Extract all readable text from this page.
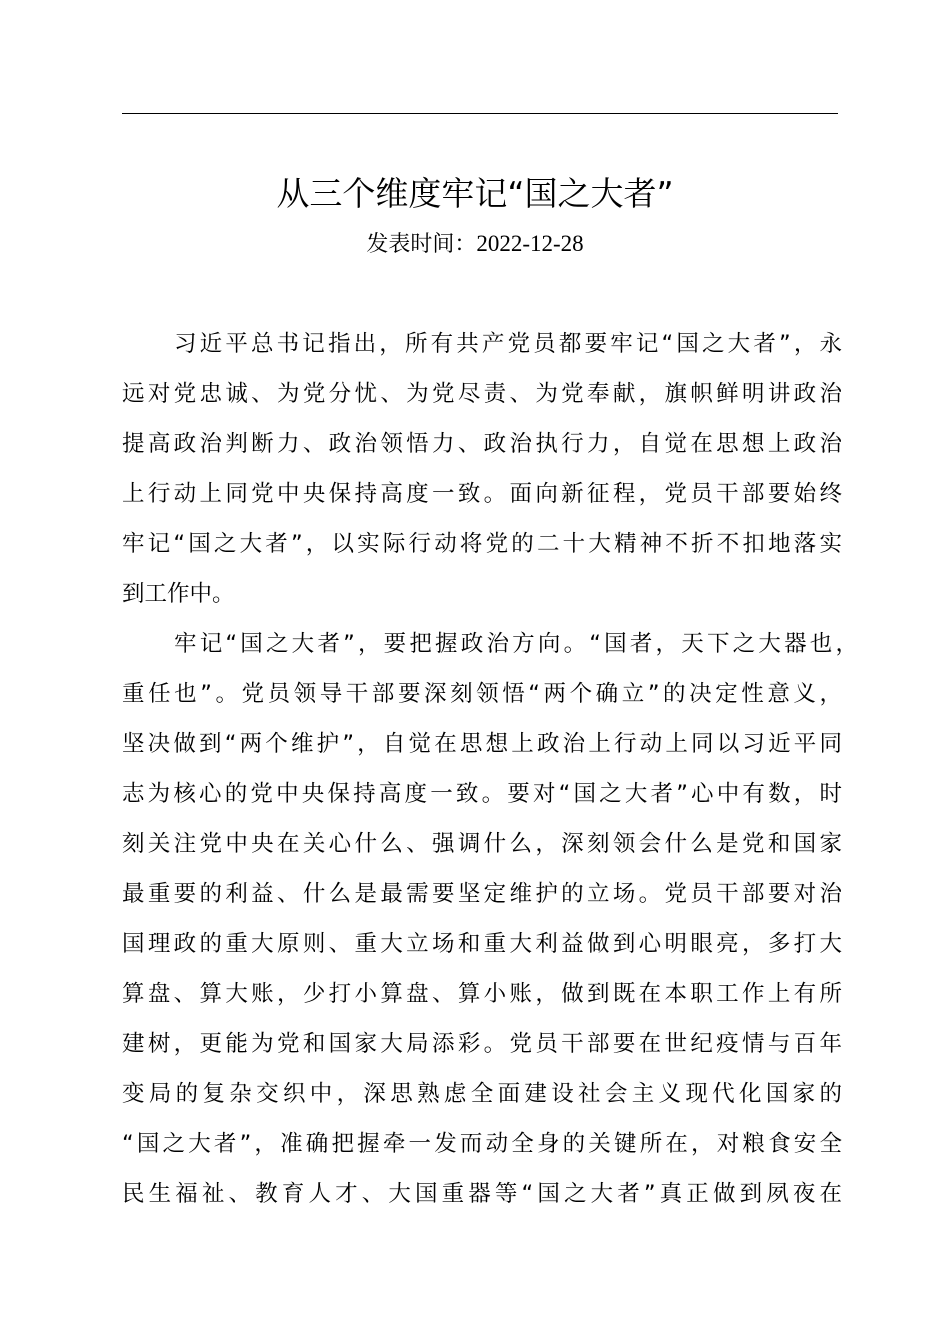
从三个维度牢记“国之大者”
发表时间：2022-12-28
习近平总书记指出，所有共产党员都要牢记“国之大者”，永
远对党忠诚、为党分忧、为党尽责、为党奉献，旗帜鲜明讲政治
提高政治判断力、政治领悟力、政治执行力，自觉在思想上政治
上行动上同党中央保持高度一致。面向新征程，党员干部要始终
牢记“国之大者”，以实际行动将党的二十大精神不折不扣地落实
到工作中。
牢记“国之大者”，要把握政治方向。“国者，天下之大器也，
重任也”。党员领导干部要深刻领悟“两个确立”的决定性意义，
坚决做到“两个维护”，自觉在思想上政治上行动上同以习近平同
志为核心的党中央保持高度一致。要对“国之大者”心中有数，时
刻关注党中央在关心什么、强调什么，深刻领会什么是党和国家
最重要的利益、什么是最需要坚定维护的立场。党员干部要对治
国理政的重大原则、重大立场和重大利益做到心明眼亮，多打大
算盘、算大账，少打小算盘、算小账，做到既在本职工作上有所
建树，更能为党和国家大局添彩。党员干部要在世纪疫情与百年
变局的复杂交织中，深思熟虑全面建设社会主义现代化国家的
“国之大者”，准确把握牵一发而动全身的关键所在，对粮食安全
民生福祉、教育人才、大国重器等“国之大者”真正做到夙夜在
